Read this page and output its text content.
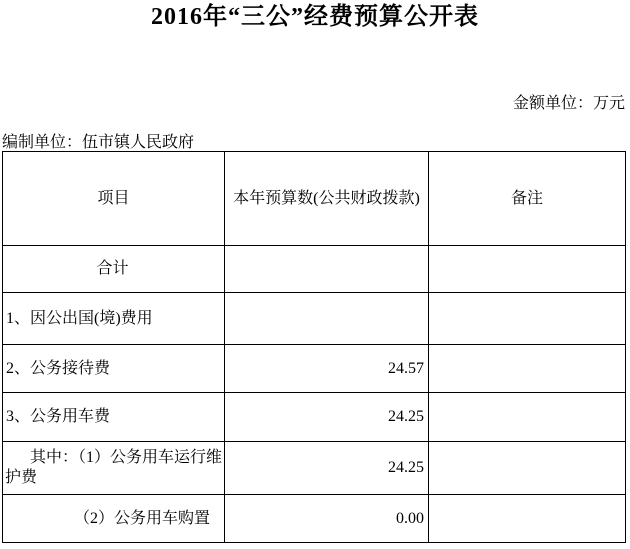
2016年“三公”经费预算公开表
金额单位：万元
编制单位：伍市镇人民政府
项目	本年预算数(公共财政拨款)	备注
合计		
1、因公出国(境)费用		
2、公务接待费	24.57	
3、公务用车费	24.25	
其中：（1）公务用车运行维护费	24.25	
（2）公务用车购置	0.00	
